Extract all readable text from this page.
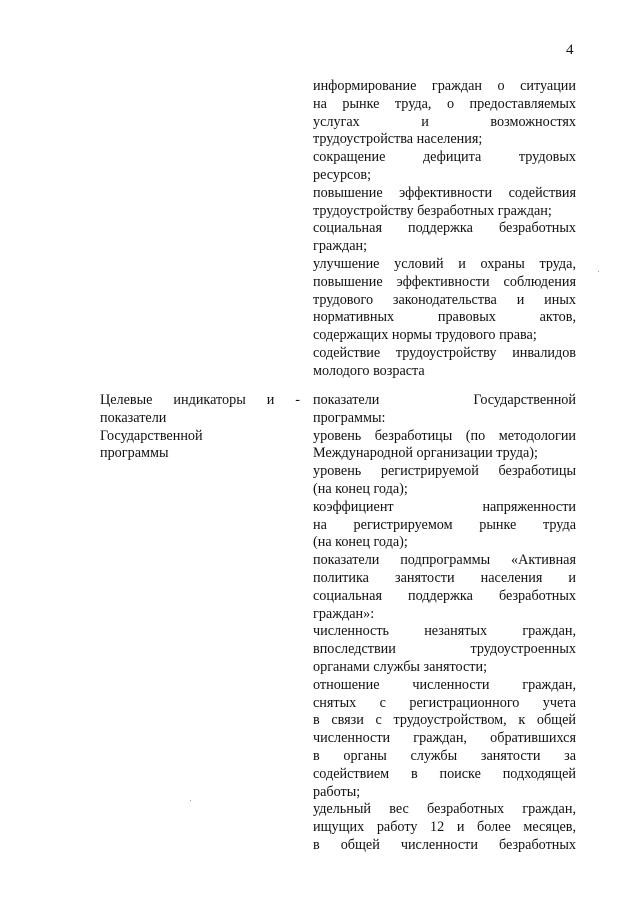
4
информирование граждан о ситуации
на рынке труда, о предоставляемых
услугах и возможностях
трудоустройства населения;
сокращение дефицита трудовых
ресурсов;
повышение эффективности содействия
трудоустройству безработных граждан;
социальная поддержка безработных
граждан;
улучшение условий и охраны труда,
повышение эффективности соблюдения
трудового законодательства и иных
нормативных правовых актов,
содержащих нормы трудового права;
содействие трудоустройству инвалидов
молодого возраста
Целевые индикаторы и -
показатели
Государственной
программы
показатели Государственной
программы:
уровень безработицы (по методологии
Международной организации труда);
уровень регистрируемой безработицы
(на конец года);
коэффициент напряженности
на регистрируемом рынке труда
(на конец года);
показатели подпрограммы «Активная
политика занятости населения и
социальная поддержка безработных
граждан»:
численность незанятых граждан,
впоследствии трудоустроенных
органами службы занятости;
отношение численности граждан,
снятых с регистрационного учета
в связи с трудоустройством, к общей
численности граждан, обратившихся
в органы службы занятости за
содействием в поиске подходящей
работы;
удельный вес безработных граждан,
ищущих работу 12 и более месяцев,
в общей численности безработных
